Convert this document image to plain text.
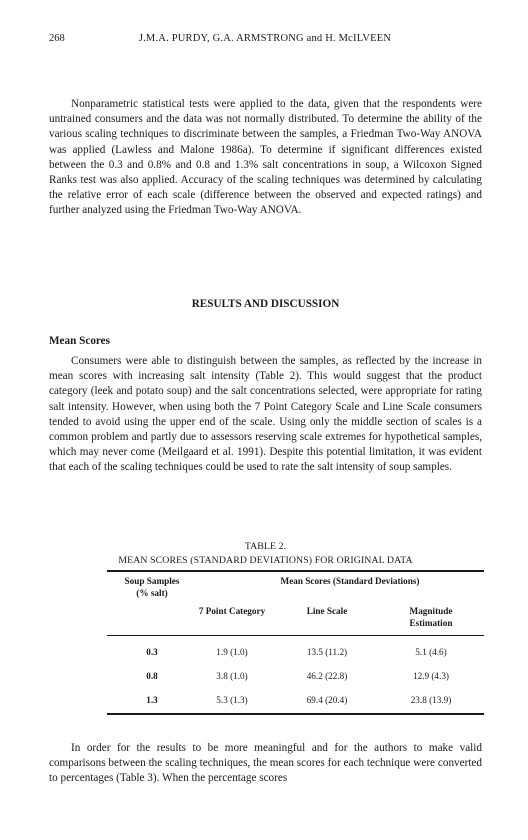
268	J.M.A. PURDY, G.A. ARMSTRONG and H. McILVEEN

Nonparametric statistical tests were applied to the data, given that the respondents were untrained consumers and the data was not normally distributed. To determine the ability of the various scaling techniques to discriminate between the samples, a Friedman Two-Way ANOVA was applied (Lawless and Malone 1986a). To determine if significant differences existed between the 0.3 and 0.8% and 0.8 and 1.3% salt concentrations in soup, a Wilcoxon Signed Ranks test was also applied. Accuracy of the scaling techniques was determined by calculating the relative error of each scale (difference between the observed and expected ratings) and further analyzed using the Friedman Two-Way ANOVA.

RESULTS AND DISCUSSION
Mean Scores

Consumers were able to distinguish between the samples, as reflected by the increase in mean scores with increasing salt intensity (Table 2). This would suggest that the product category (leek and potato soup) and the salt concentrations selected, were appropriate for rating salt intensity. However, when using both the 7 Point Category Scale and Line Scale consumers tended to avoid using the upper end of the scale. Using only the middle section of scales is a common problem and partly due to assessors reserving scale extremes for hypothetical samples, which may never come (Meilgaard et al. 1991). Despite this potential limitation, it was evident that each of the scaling techniques could be used to rate the salt intensity of soup samples.

TABLE 2.
MEAN SCORES (STANDARD DEVIATIONS) FOR ORIGINAL DATA
Soup Samples
(% salt)
Mean Scores (Standard Deviations)
7 Point Category	Line Scale	Magnitude
Estimation
0.3	1.9 (1.0)	13.5 (11.2)	5.1 (4.6)
0.8	3.8 (1.0)	46.2 (22.8)	12.9 (4.3)
1.3	5.3 (1.3)	69.4 (20.4)	23.8 (13.9)

In order for the results to be more meaningful and for the authors to make valid comparisons between the scaling techniques, the mean scores for each technique were converted to percentages (Table 3). When the percentage scores
